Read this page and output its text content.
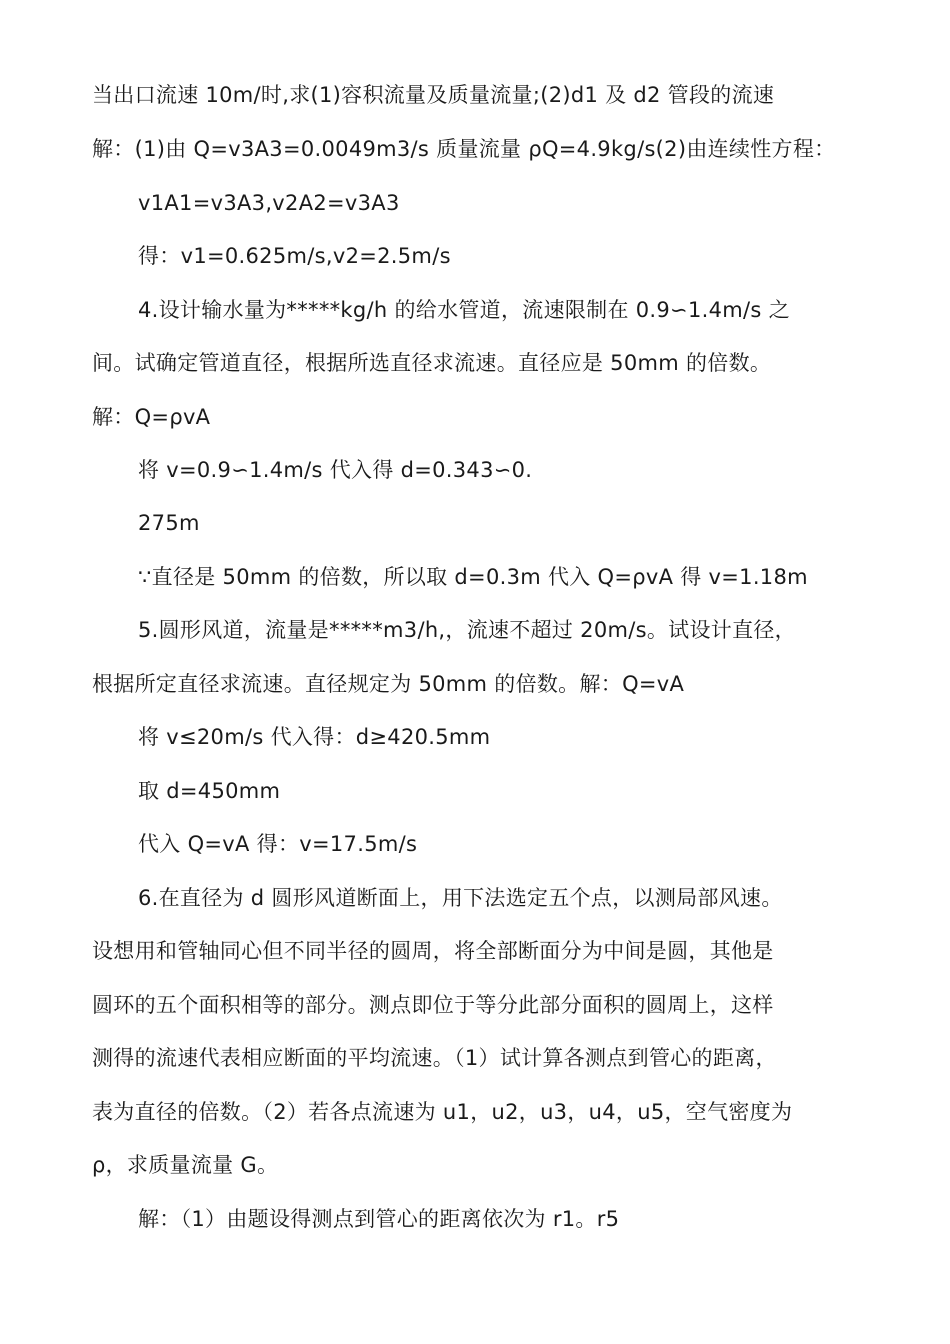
当出口流速 10m/时,求(1)容积流量及质量流量;(2)d1 及 d2 管段的流速
解：(1)由 Q=v3A3=0.0049m3/s 质量流量 ρQ=4.9kg/s(2)由连续性方程：
v1A1=v3A3,v2A2=v3A3
得：v1=0.625m/s,v2=2.5m/s
4.设计输水量为*****kg/h 的给水管道，流速限制在 0.9∽1.4m/s 之
间。试确定管道直径，根据所选直径求流速。直径应是 50mm 的倍数。
解：Q=ρvA
将 v=0.9∽1.4m/s 代入得 d=0.343∽0.
275m
∵直径是 50mm 的倍数，所以取 d=0.3m 代入 Q=ρvA 得 v=1.18m
5.圆形风道，流量是*****m3/h,，流速不超过 20m/s。试设计直径，
根据所定直径求流速。直径规定为 50mm 的倍数。解：Q=vA
将 v≤20m/s 代入得：d≥420.5mm
取 d=450mm
代入 Q=vA 得：v=17.5m/s
6.在直径为 d 圆形风道断面上，用下法选定五个点，以测局部风速。
设想用和管轴同心但不同半径的圆周，将全部断面分为中间是圆，其他是
圆环的五个面积相等的部分。测点即位于等分此部分面积的圆周上，这样
测得的流速代表相应断面的平均流速。（1）试计算各测点到管心的距离，
表为直径的倍数。（2）若各点流速为 u1，u2，u3，u4，u5，空气密度为
ρ，求质量流量 G。
解：（1）由题设得测点到管心的距离依次为 r1。r5
